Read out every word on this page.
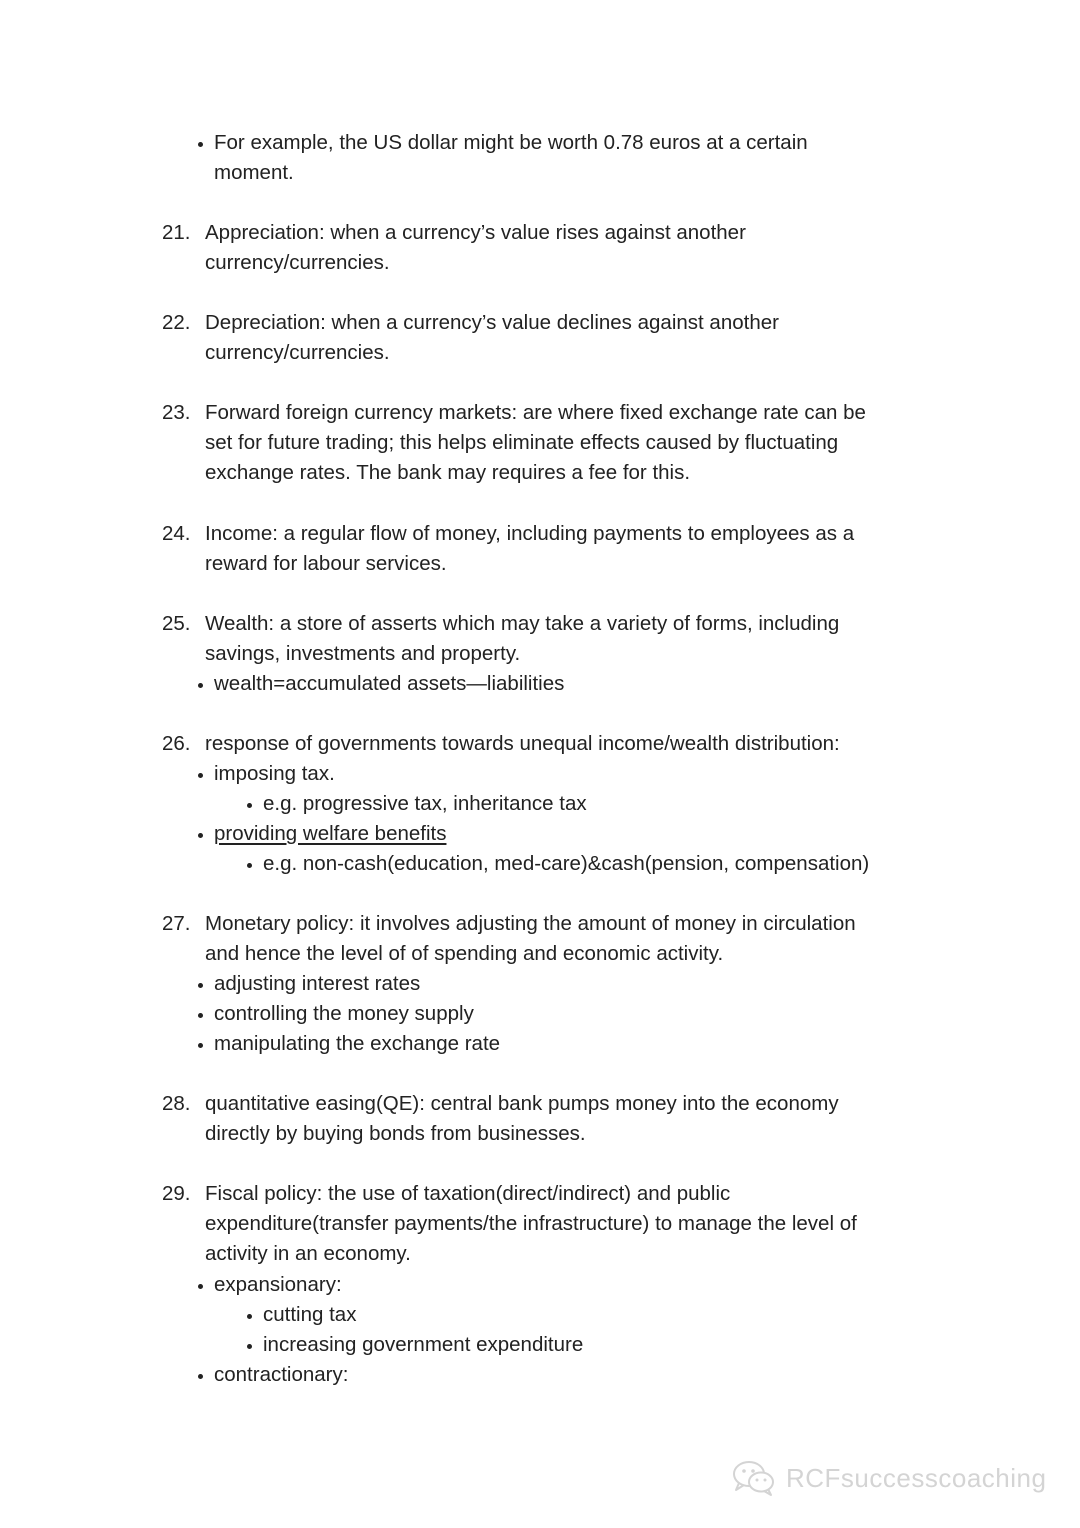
For example, the US dollar might be worth 0.78 euros at a certain
moment.
21. Appreciation: when a currency’s value rises against another
currency/currencies.
22. Depreciation: when a currency’s value declines against another
currency/currencies.
23. Forward foreign currency markets: are where fixed exchange rate can be
set for future trading; this helps eliminate effects caused by fluctuating
exchange rates. The bank may requires a fee for this.
24. Income: a regular flow of money, including payments to employees as a
reward for labour services.
25. Wealth: a store of asserts which may take a variety of forms, including
savings, investments and property.
wealth=accumulated assets—liabilities
26. response of governments towards unequal income/wealth distribution:
imposing tax.
e.g. progressive tax, inheritance tax
providing welfare benefits
e.g. non-cash(education, med-care)&cash(pension, compensation)
27. Monetary policy: it involves adjusting the amount of money in circulation
and hence the level of of spending and economic activity.
adjusting interest rates
controlling the money supply
manipulating the exchange rate
28. quantitative easing(QE): central bank pumps money into the economy
directly by buying bonds from businesses.
29. Fiscal policy: the use of taxation(direct/indirect) and public
expenditure(transfer payments/the infrastructure) to manage the level of
activity in an economy.
expansionary:
cutting tax
increasing government expenditure
contractionary:
RCFsuccesscoaching
